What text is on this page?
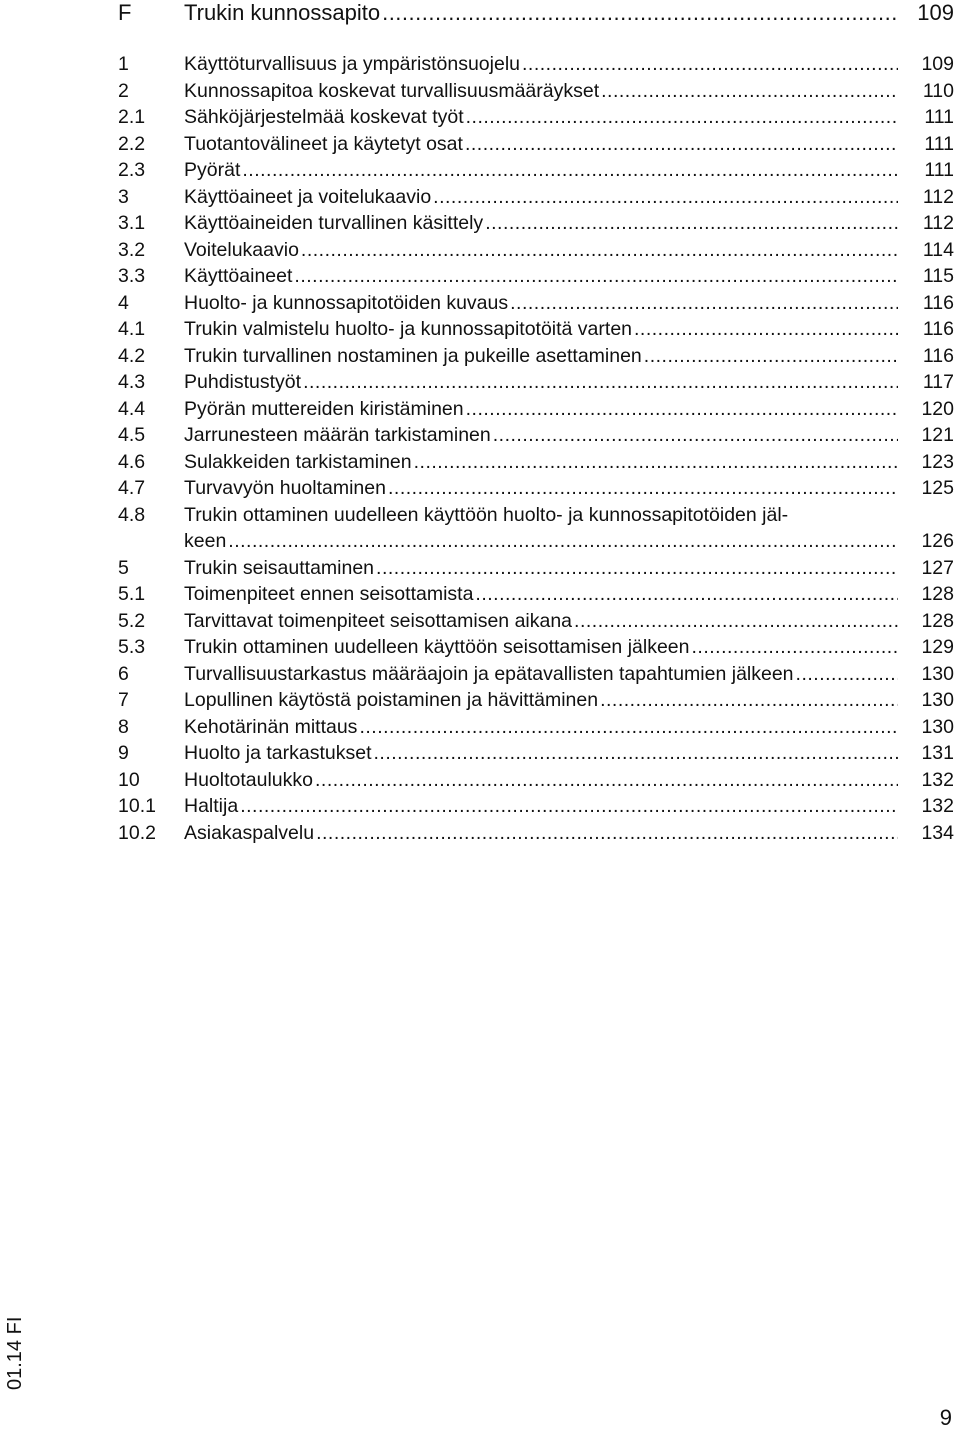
F	Trukin kunnossapito .....	109
1	Käyttöturvallisuus ja ympäristönsuojelu .....	109
2	Kunnossapitoa koskevat turvallisuusmääräykset .....	110
2.1	Sähköjärjestelmää koskevat työt .....	111
2.2	Tuotantovälineet ja käytetyt osat .....	111
2.3	Pyörät .....	111
3	Käyttöaineet ja voitelukaavio .....	112
3.1	Käyttöaineiden turvallinen käsittely .....	112
3.2	Voitelukaavio .....	114
3.3	Käyttöaineet .....	115
4	Huolto- ja kunnossapitotöiden kuvaus .....	116
4.1	Trukin valmistelu huolto- ja kunnossapitotöitä varten .....	116
4.2	Trukin turvallinen nostaminen ja pukeille asettaminen .....	116
4.3	Puhdistustyöt .....	117
4.4	Pyörän muttereiden kiristäminen .....	120
4.5	Jarrunesteen määrän tarkistaminen .....	121
4.6	Sulakkeiden tarkistaminen .....	123
4.7	Turvavyön huoltaminen .....	125
4.8	Trukin ottaminen uudelleen käyttöön huolto- ja kunnossapitotöiden jäl-
keen .....	126
5	Trukin seisauttaminen .....	127
5.1	Toimenpiteet ennen seisottamista .....	128
5.2	Tarvittavat toimenpiteet seisottamisen aikana .....	128
5.3	Trukin ottaminen uudelleen käyttöön seisottamisen jälkeen .....	129
6	Turvallisuustarkastus määräajoin ja epätavallisten tapahtumien jälkeen .....	130
7	Lopullinen käytöstä poistaminen ja hävittäminen .....	130
8	Kehotärinän mittaus .....	130
9	Huolto ja tarkastukset .....	131
10	Huoltotaulukko .....	132
10.1	Haltija .....	132
10.2	Asiakaspalvelu .....	134
01.14 FI
9
